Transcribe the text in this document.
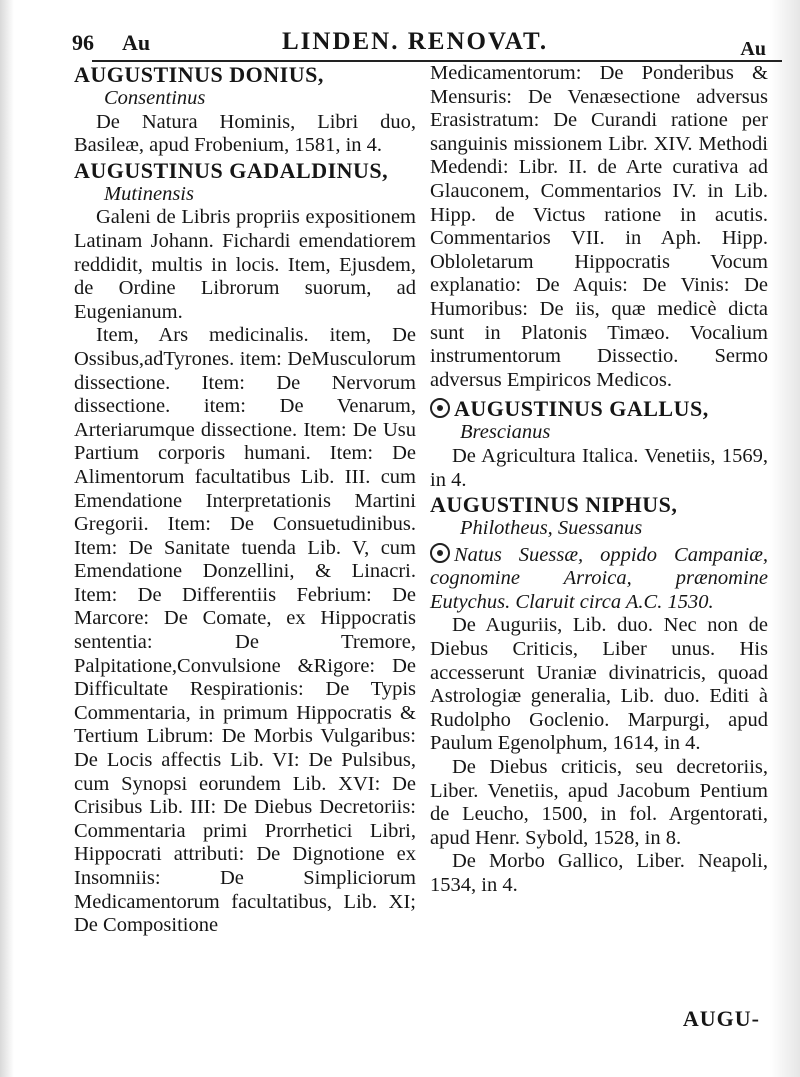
96 Au	LINDEN. RENOVAT.	Au

AUGUSTINUS DONIUS,

Consentinus

De Natura Hominis, Libri duo, Basileæ, apud Frobenium, 1581, in 4.

AUGUSTINUS GADALDINUS,

Mutinensis

Galeni de Libris propriis expositionem Latinam Johann. Fichardi emendatiorem reddidit, multis in locis. Item, Ejusdem, de Ordine Librorum suorum, ad Eugenianum.

Item, Ars medicinalis. item, De Ossibus,adTyrones. item: DeMusculorum dissectione. Item: De Nervorum dissectione. item: De Venarum, Arteriarumque dissectione. Item: De Usu Partium corporis humani. Item: De Alimentorum facultatibus Lib. III. cum Emendatione Interpretationis Martini Gregorii. Item: De Consuetudinibus. Item: De Sanitate tuenda Lib. V, cum Emendatione Donzellini, & Linacri. Item: De Differentiis Febrium: De Marcore: De Comate, ex Hippocratis sententia: De Tremore, Palpitatione,Convulsione &Rigore: De Difficultate Respirationis: De Typis Commentaria, in primum Hippocratis & Tertium Librum: De Morbis Vulgaribus: De Locis affectis Lib. VI: De Pulsibus, cum Synopsi eorundem Lib. XVI: De Crisibus Lib. III: De Diebus Decretoriis: Commentaria primi Prorrhetici Libri, Hippocrati attributi: De Dignotione ex Insomniis: De Simpliciorum Medicamentorum facultatibus, Lib. XI; De Compositione

Medicamentorum: De Ponderibus & Mensuris: De Venæsectione adversus Erasistratum: De Curandi ratione per sanguinis missionem Libr. XIV. Methodi Medendi: Libr. II. de Arte curativa ad Glauconem, Commentarios IV. in Lib. Hipp. de Victus ratione in acutis. Commentarios VII. in Aph. Hipp. Obloletarum Hippocratis Vocum explanatio: De Aquis: De Vinis: De Humoribus: De iis, quæ medicè dicta sunt in Platonis Timæo. Vocalium instrumentorum Dissectio. Sermo adversus Empiricos Medicos.

AUGUSTINUS GALLUS,

Brescianus

De Agricultura Italica. Venetiis, 1569, in 4.

AUGUSTINUS NIPHUS,

Philotheus, Suessanus

Natus Suessæ, oppido Campaniæ, cognomine Arroica, prænomine Eutychus. Claruit circa A.C. 1530.

De Auguriis, Lib. duo. Nec non de Diebus Criticis, Liber unus. His accesserunt Uraniæ divinatricis, quoad Astrologiæ generalia, Lib. duo. Editi à Rudolpho Goclenio. Marpurgi, apud Paulum Egenolphum, 1614, in 4.

De Diebus criticis, seu decretoriis, Liber. Venetiis, apud Jacobum Pentium de Leucho, 1500, in fol. Argentorati, apud Henr. Sybold, 1528, in 8.

De Morbo Gallico, Liber. Neapoli, 1534, in 4.

AUGU-
